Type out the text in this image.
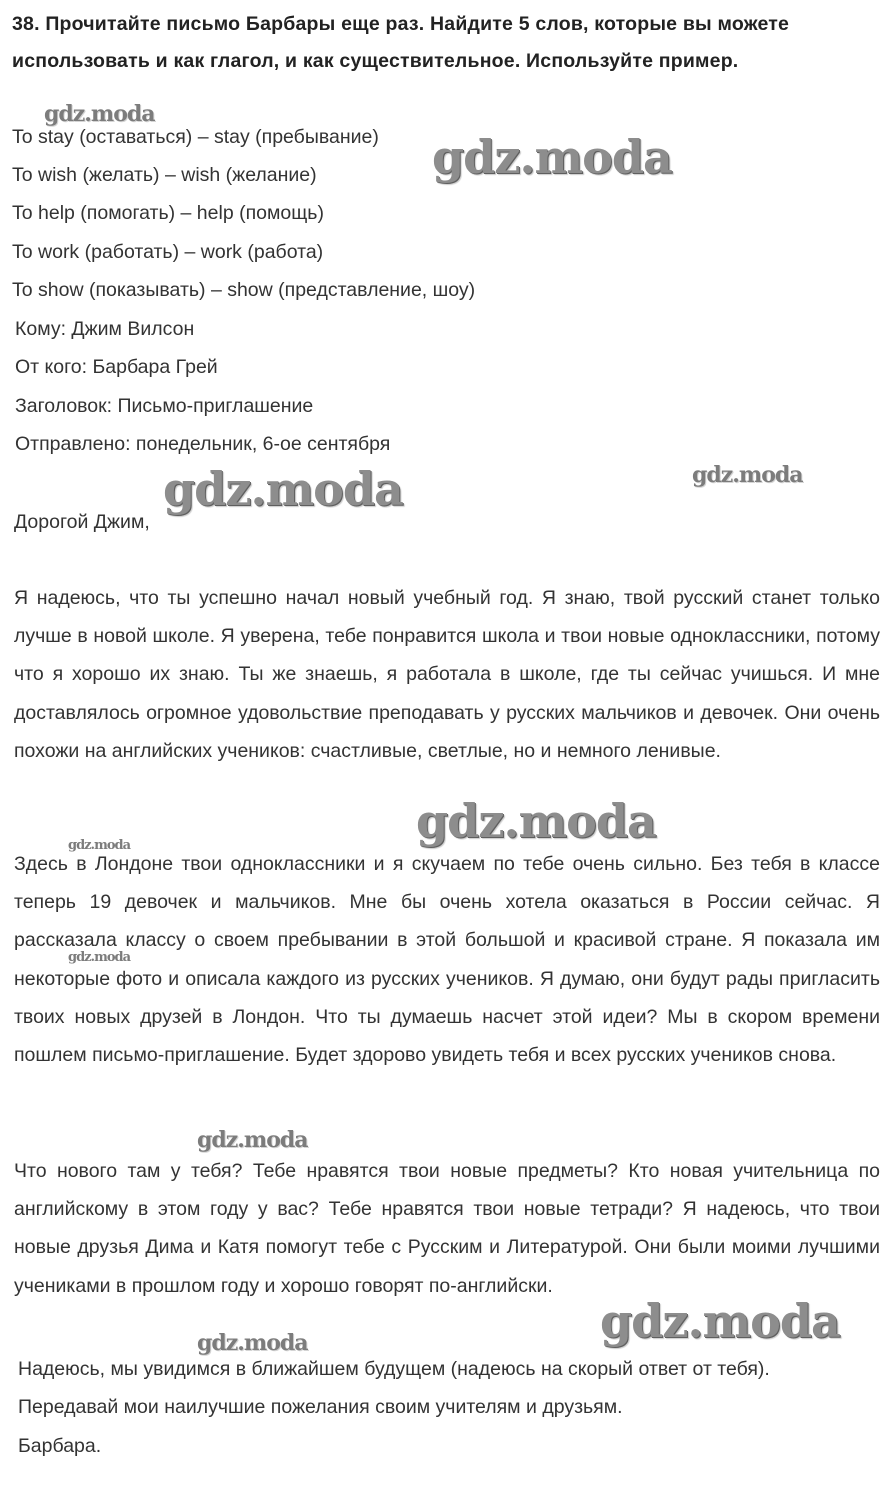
38. Прочитайте письмо Барбары еще раз. Найдите 5 слов, которые вы можете использовать и как глагол, и как существительное. Используйте пример.
To stay (оставаться) – stay (пребывание)
To wish (желать) – wish (желание)
To help (помогать) – help (помощь)
To work (работать) – work (работа)
To show (показывать) – show (представление, шоу)
Кому: Джим Вилсон
От кого: Барбара Грей
Заголовок: Письмо-приглашение
Отправлено: понедельник, 6-ое сентября
Дорогой Джим,
Я надеюсь, что ты успешно начал новый учебный год. Я знаю, твой русский станет только лучше в новой школе. Я уверена, тебе понравится школа и твои новые одноклассники, потому что я хорошо их знаю. Ты же знаешь, я работала в школе, где ты сейчас учишься. И мне доставлялось огромное удовольствие преподавать у русских мальчиков и девочек. Они очень похожи на английских учеников: счастливые, светлые, но и немного ленивые.
Здесь в Лондоне твои одноклассники и я скучаем по тебе очень сильно. Без тебя в классе теперь 19 девочек и мальчиков. Мне бы очень хотела оказаться в России сейчас. Я рассказала классу о своем пребывании в этой большой и красивой стране. Я показала им некоторые фото и описала каждого из русских учеников. Я думаю, они будут рады пригласить твоих новых друзей в Лондон. Что ты думаешь насчет этой идеи? Мы в скором времени пошлем письмо-приглашение. Будет здорово увидеть тебя и всех русских учеников снова.
Что нового там у тебя? Тебе нравятся твои новые предметы? Кто новая учительница по английскому в этом году у вас? Тебе нравятся твои новые тетради? Я надеюсь, что твои новые друзья Дима и Катя помогут тебе с Русским и Литературой. Они были моими лучшими учениками в прошлом году и хорошо говорят по-английски.
Надеюсь, мы увидимся в ближайшем будущем (надеюсь на скорый ответ от тебя).
Передавай мои наилучшие пожелания своим учителям и друзьям.
Барбара.
gdz.moda
gdz.moda
gdz.moda	gdz.moda
gdz.moda
gdz.moda
gdz.moda
gdz.moda
gdz.moda
gdz.moda
